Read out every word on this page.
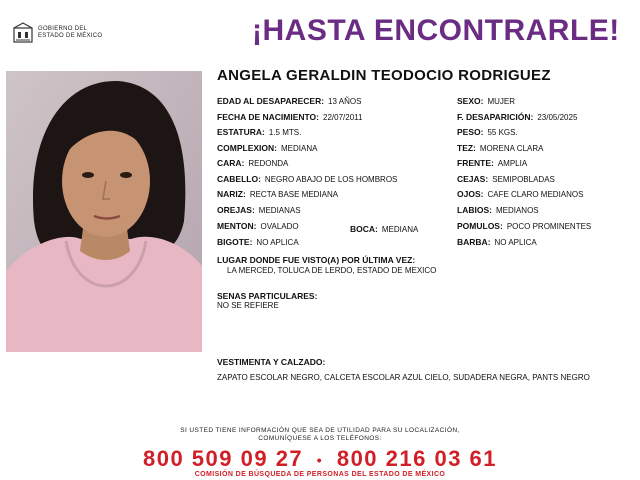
GOBIERNO DEL
ESTADO DE MÉXICO	¡HASTA ENCONTRARLE!
ANGELA GERALDIN TEODOCIO RODRIGUEZ
EDAD AL DESAPARECER: 13 AÑOS
FECHA DE NACIMIENTO: 22/07/2011
ESTATURA: 1.5 MTS.
COMPLEXION: MEDIANA
CARA: REDONDA
CABELLO: NEGRO ABAJO DE LOS HOMBROS
NARIZ: RECTA BASE MEDIANA
OREJAS: MEDIANAS
MENTON: OVALADO	BOCA: MEDIANA
BIGOTE: NO APLICA
SEXO: MUJER
F. DESAPARICIÓN: 23/05/2025
PESO: 55 KGS.
TEZ: MORENA CLARA
FRENTE: AMPLIA
CEJAS: SEMIPOBLADAS
OJOS: CAFE CLARO MEDIANOS
LABIOS: MEDIANOS
POMULOS: POCO PROMINENTES
BARBA: NO APLICA
LUGAR DONDE FUE VISTO(A) POR ÚLTIMA VEZ:
LA MERCED, TOLUCA DE LERDO, ESTADO DE MEXICO
SENAS PARTICULARES:
NO SE REFIERE
VESTIMENTA Y CALZADO:
ZAPATO ESCOLAR NEGRO, CALCETA ESCOLAR AZUL CIELO, SUDADERA NEGRA, PANTS NEGRO
SI USTED TIENE INFORMACIÓN QUE SEA DE UTILIDAD PARA SU LOCALIZACIÓN,
COMUNÍQUESE A LOS TELÉFONOS:
800 509 09 27 • 800 216 03 61
COMISIÓN DE BÚSQUEDA DE PERSONAS DEL ESTADO DE MÉXICO
